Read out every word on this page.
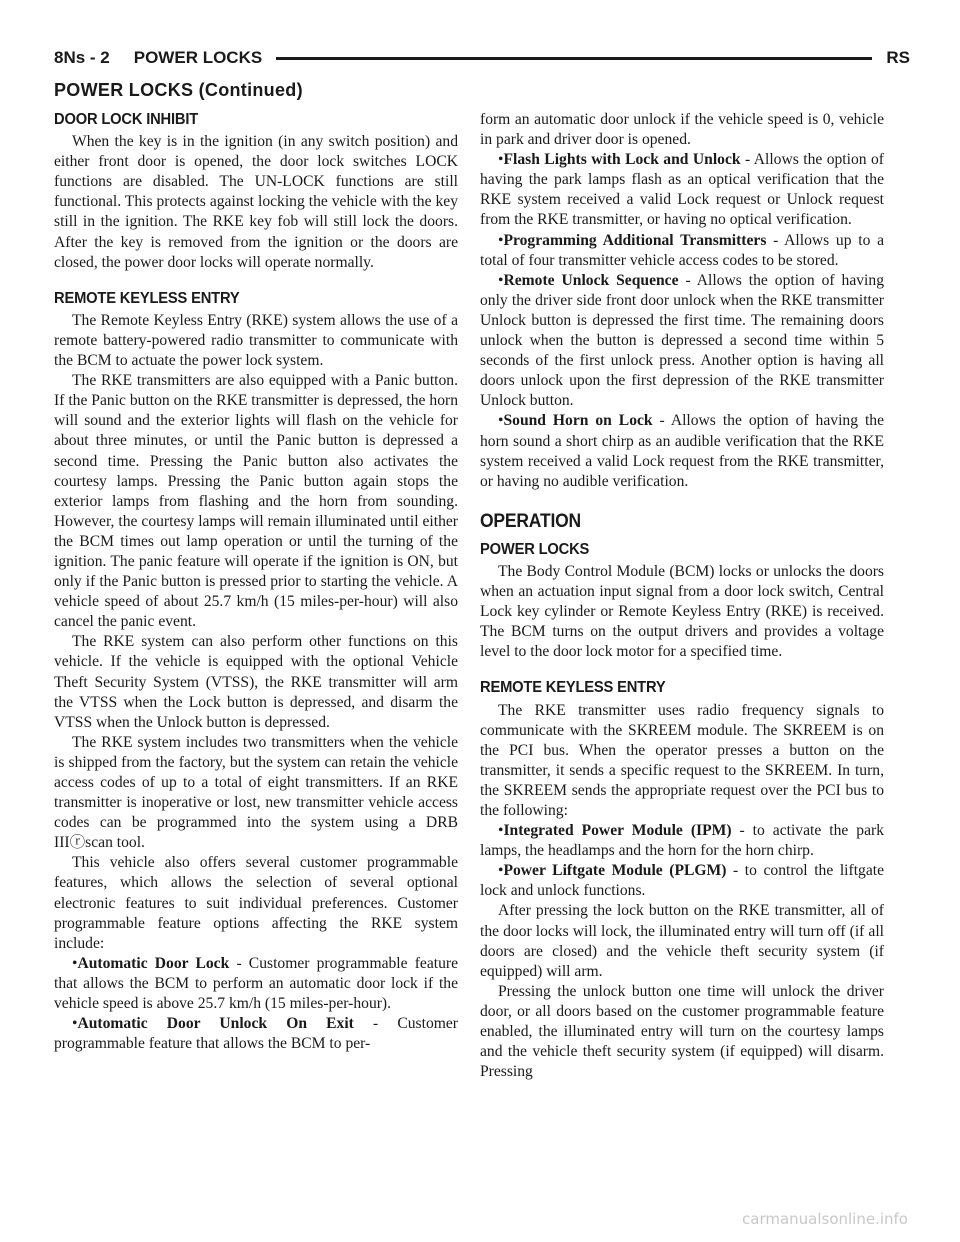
8Ns - 2 POWER LOCKS	RS
POWER LOCKS (Continued)
DOOR LOCK INHIBIT

When the key is in the ignition (in any switch position) and either front door is opened, the door lock switches LOCK functions are disabled. The UN-LOCK functions are still functional. This protects against locking the vehicle with the key still in the ignition. The RKE key fob will still lock the doors. After the key is removed from the ignition or the doors are closed, the power door locks will operate normally.

REMOTE KEYLESS ENTRY

The Remote Keyless Entry (RKE) system allows the use of a remote battery-powered radio transmitter to communicate with the BCM to actuate the power lock system.

The RKE transmitters are also equipped with a Panic button. If the Panic button on the RKE transmitter is depressed, the horn will sound and the exterior lights will flash on the vehicle for about three minutes, or until the Panic button is depressed a second time. Pressing the Panic button also activates the courtesy lamps. Pressing the Panic button again stops the exterior lamps from flashing and the horn from sounding. However, the courtesy lamps will remain illuminated until either the BCM times out lamp operation or until the turning of the ignition. The panic feature will operate if the ignition is ON, but only if the Panic button is pressed prior to starting the vehicle. A vehicle speed of about 25.7 km/h (15 miles-per-hour) will also cancel the panic event.

The RKE system can also perform other functions on this vehicle. If the vehicle is equipped with the optional Vehicle Theft Security System (VTSS), the RKE transmitter will arm the VTSS when the Lock button is depressed, and disarm the VTSS when the Unlock button is depressed.

The RKE system includes two transmitters when the vehicle is shipped from the factory, but the system can retain the vehicle access codes of up to a total of eight transmitters. If an RKE transmitter is inoperative or lost, new transmitter vehicle access codes can be programmed into the system using a DRB IIIⓡscan tool.

This vehicle also offers several customer programmable features, which allows the selection of several optional electronic features to suit individual preferences. Customer programmable feature options affecting the RKE system include:

•Automatic Door Lock - Customer programmable feature that allows the BCM to perform an automatic door lock if the vehicle speed is above 25.7 km/h (15 miles-per-hour).

•Automatic Door Unlock On Exit - Customer programmable feature that allows the BCM to per-

form an automatic door unlock if the vehicle speed is 0, vehicle in park and driver door is opened.

•Flash Lights with Lock and Unlock - Allows the option of having the park lamps flash as an optical verification that the RKE system received a valid Lock request or Unlock request from the RKE transmitter, or having no optical verification.

•Programming Additional Transmitters - Allows up to a total of four transmitter vehicle access codes to be stored.

•Remote Unlock Sequence - Allows the option of having only the driver side front door unlock when the RKE transmitter Unlock button is depressed the first time. The remaining doors unlock when the button is depressed a second time within 5 seconds of the first unlock press. Another option is having all doors unlock upon the first depression of the RKE transmitter Unlock button.

•Sound Horn on Lock - Allows the option of having the horn sound a short chirp as an audible verification that the RKE system received a valid Lock request from the RKE transmitter, or having no audible verification.

OPERATION
POWER LOCKS

The Body Control Module (BCM) locks or unlocks the doors when an actuation input signal from a door lock switch, Central Lock key cylinder or Remote Keyless Entry (RKE) is received. The BCM turns on the output drivers and provides a voltage level to the door lock motor for a specified time.

REMOTE KEYLESS ENTRY

The RKE transmitter uses radio frequency signals to communicate with the SKREEM module. The SKREEM is on the PCI bus. When the operator presses a button on the transmitter, it sends a specific request to the SKREEM. In turn, the SKREEM sends the appropriate request over the PCI bus to the following:

•Integrated Power Module (IPM) - to activate the park lamps, the headlamps and the horn for the horn chirp.

•Power Liftgate Module (PLGM) - to control the liftgate lock and unlock functions.

After pressing the lock button on the RKE transmitter, all of the door locks will lock, the illuminated entry will turn off (if all doors are closed) and the vehicle theft security system (if equipped) will arm.

Pressing the unlock button one time will unlock the driver door, or all doors based on the customer programmable feature enabled, the illuminated entry will turn on the courtesy lamps and the vehicle theft security system (if equipped) will disarm. Pressing

carmanualsonline.info
